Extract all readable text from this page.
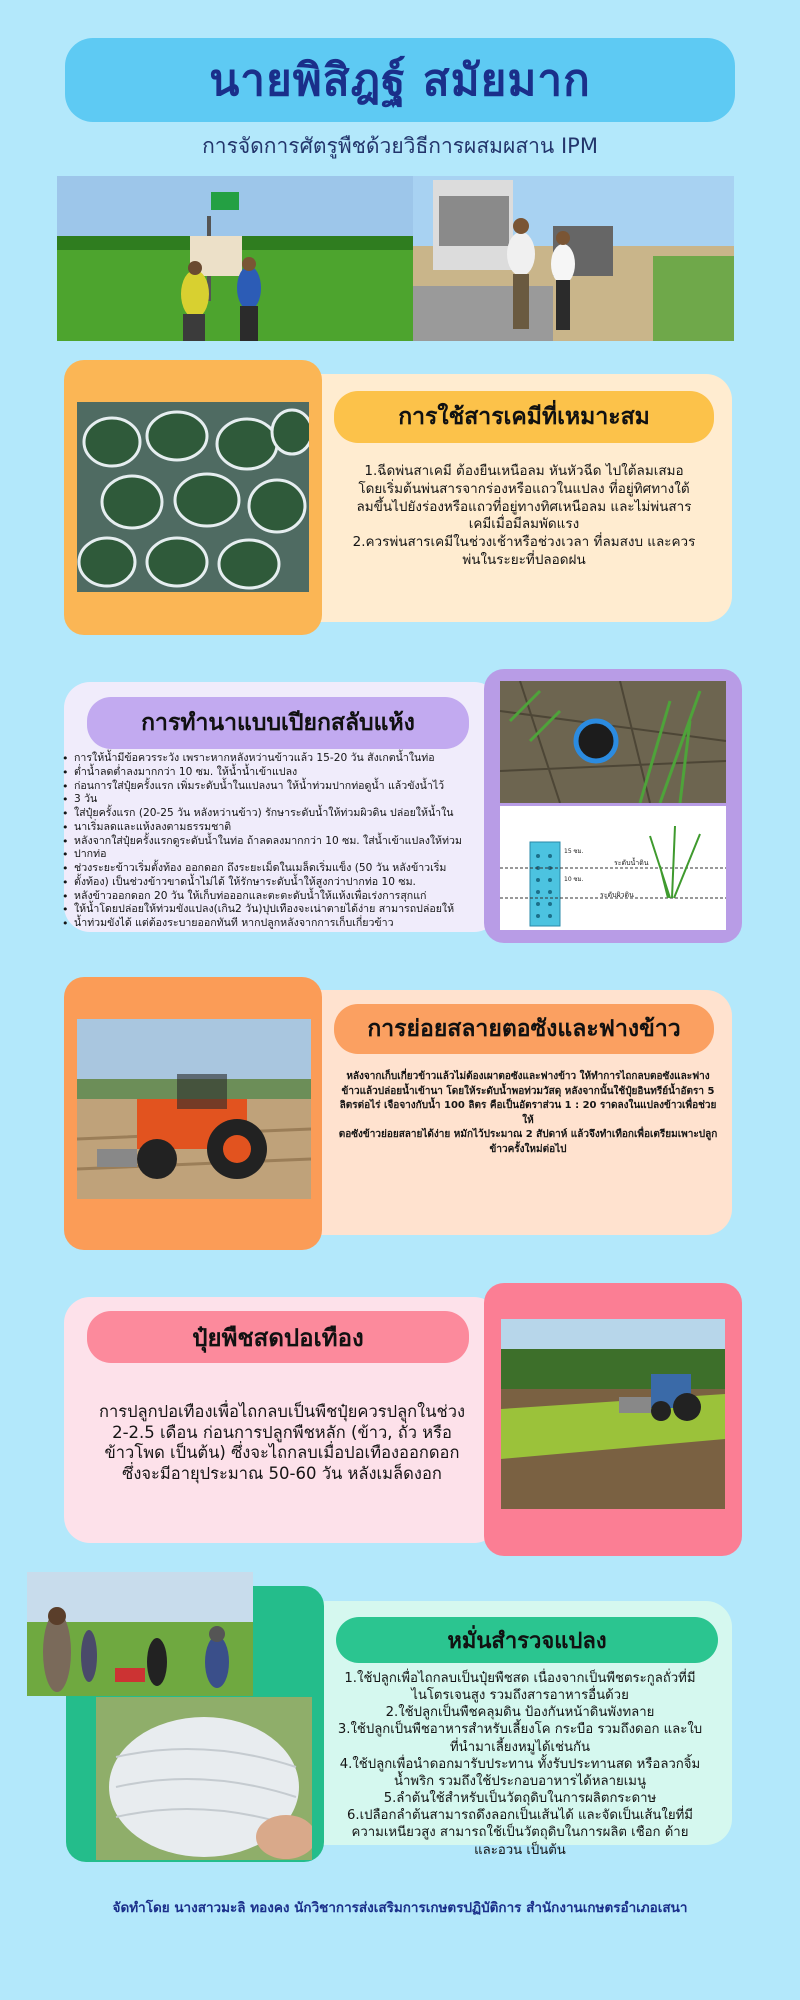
นายพิสิฎฐ์ สมัยมาก
การจัดการศัตรูพืชด้วยวิธีการผสมผสาน IPM
การใช้สารเคมีที่เหมาะสม
1.ฉีดพ่นสาเคมี ต้องยืนเหนือลม หันหัวฉีด ไปใต้ลมเสมอ
โดยเริ่มต้นพ่นสารจากร่องหรือแถวในแปลง ที่อยู่ทิศทางใต้
ลมขึ้นไปยังร่องหรือแถวที่อยู่ทางทิศเหนือลม และไม่พ่นสาร
เคมีเมื่อมีลมพัดแรง
2.ควรพ่นสารเคมีในช่วงเช้าหรือช่วงเวลา ที่ลมสงบ และควร
พ่นในระยะที่ปลอดฝน
ระดับน้ำดิน
ระดับผิวดิน
15 ซม.
10 ซม.
การทำนาแบบเปียกสลับแห้ง
• การให้น้ำมีข้อควรระวัง เพราะหากหลังหว่านข้าวแล้ว 15-20 วัน สังเกตน้ำในท่อ
• ต่ำน้ำลดต่ำลงมากกว่า 10 ซม. ให้น้ำน้ำเข้าแปลง
• ก่อนการใส่ปุ๋ยครั้งแรก เพิ่มระดับน้ำในแปลงนา ให้น้ำท่วมปากท่อดูน้ำ แล้วขังน้ำไว้
• 3 วัน
• ใส่ปุ๋ยครั้งแรก (20-25 วัน หลังหว่านข้าว) รักษาระดับน้ำให้ท่วมผิวดิน ปล่อยให้น้ำใน
• นาเริ่มลดและแห้งลงตามธรรมชาติ
• หลังจากใส่ปุ๋ยครั้งแรกดูระดับน้ำในท่อ ถ้าลดลงมากกว่า 10 ซม. ใส่น้ำเข้าแปลงให้ท่วม
• ปากท่อ
• ช่วงระยะข้าวเริ่มตั้งท้อง ออกดอก ถึงระยะเม็ดในเมล็ดเริ่มแข็ง (50 วัน หลังข้าวเริ่ม
• ตั้งท้อง) เป็นช่วงข้าวขาดน้ำไม่ได้ ให้รักษาระดับน้ำให้สูงกว่าปากท่อ 10 ซม.
• หลังข้าวออกดอก 20 วัน ให้เก็บท่อออกและตะตะดับน้ำให้แห้งเพื่อเร่งการสุกแก่
• ให้น้ำโดยปล่อยให้ท่วมขังแปลง(เกิน2 วัน)ปุปเทืองจะเน่าตายได้ง่าย สามารถปล่อยให้
• น้ำท่วมขังได้ แต่ต้องระบายออกทันที หากปลูกหลังจากการเก็บเกี่ยวข้าว
การย่อยสลายตอซังและฟางข้าว
หลังจากเก็บเกี่ยวข้าวแล้วไม่ต้องเผาตอซังและฟางข้าว ให้ทำการไถกลบตอซังและฟาง
ข้าวแล้วปล่อยน้ำเข้านา โดยให้ระดับน้ำพอท่วมวัสดุ หลังจากนั้นใช้ปุ๋ยอินทรีย์น้ำอัตรา 5
ลิตรต่อไร่ เจือจางกับน้ำ 100 ลิตร คือเป็นอัตราส่วน 1 : 20 ราดลงในแปลงข้าวเพื่อช่วยให้
ตอซังข้าวย่อยสลายได้ง่าย หมักไว้ประมาณ 2 สัปดาห์ แล้วจึงทำเทือกเพื่อเตรียมเพาะปลูก
ข้าวครั้งใหม่ต่อไป
ปุ๋ยพืชสดปอเทือง
การปลูกปอเทืองเพื่อไถกลบเป็นพืชปุ๋ยควรปลูกในช่วง
2-2.5 เดือน ก่อนการปลูกพืชหลัก (ข้าว, ถั่ว หรือ
ข้าวโพด เป็นต้น) ซึ่งจะไถกลบเมื่อปอเทืองออกดอก
ซึ่งจะมีอายุประมาณ 50-60 วัน หลังเมล็ดงอก
หมั่นสำรวจแปลง
1.ใช้ปลูกเพื่อไถกลบเป็นปุ๋ยพืชสด เนื่องจากเป็นพืชตระกูลถั่วที่มี
ไนโตรเจนสูง รวมถึงสารอาหารอื่นด้วย
2.ใช้ปลูกเป็นพืชคลุมดิน ป้องกันหน้าดินพังทลาย
3.ใช้ปลูกเป็นพืชอาหารสำหรับเลี้ยงโค กระบือ รวมถึงดอก และใบ
ที่นำมาเลี้ยงหมูได้เช่นกัน
4.ใช้ปลูกเพื่อนำดอกมารับประทาน ทั้งรับประทานสด หรือลวกจิ้ม
น้ำพริก รวมถึงใช้ประกอบอาหารได้หลายเมนู
5.ลำต้นใช้สำหรับเป็นวัตถุดิบในการผลิตกระดาษ
6.เปลือกลำต้นสามารถดึงลอกเป็นเส้นได้ และจัดเป็นเส้นใยที่มี
ความเหนียวสูง สามารถใช้เป็นวัตถุดิบในการผลิต เชือก ด้าย
และอวน เป็นต้น
จัดทำโดย นางสาวมะลิ ทองคง นักวิชาการส่งเสริมการเกษตรปฏิบัติการ สำนักงานเกษตรอำเภอเสนา
